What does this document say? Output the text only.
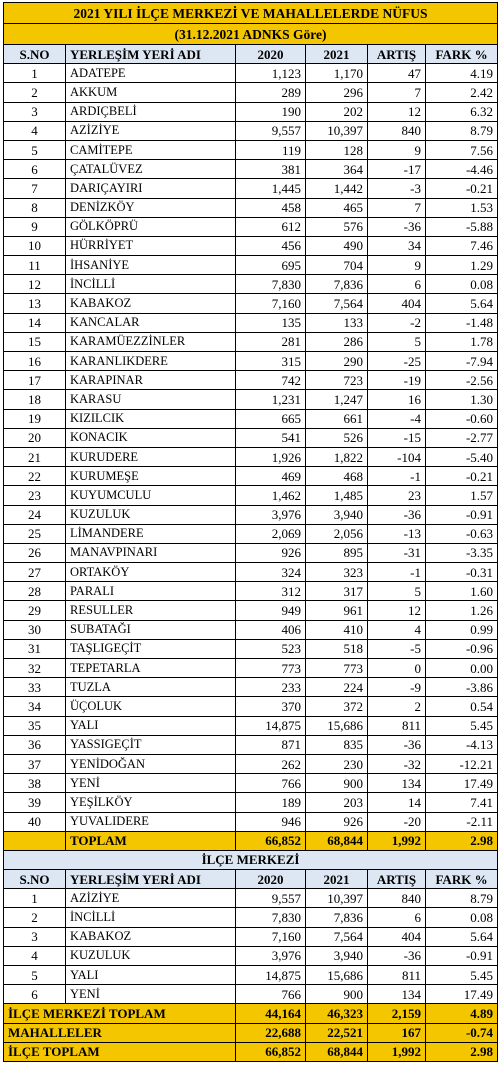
2021 YILI İLÇE MERKEZİ VE MAHALLELERDE NÜFUS					
(31.12.2021 ADNKS Göre)					
S.NO	YERLEŞİM YERİ ADI	2020	2021	ARTIŞ	FARK %
1	ADATEPE	1,123	1,170	47	4.19
2	AKKUM	289	296	7	2.42
3	ARDIÇBELİ	190	202	12	6.32
4	AZİZİYE	9,557	10,397	840	8.79
5	CAMİTEPE	119	128	9	7.56
6	ÇATALÜVEZ	381	364	-17	-4.46
7	DARIÇAYIRI	1,445	1,442	-3	-0.21
8	DENİZKÖY	458	465	7	1.53
9	GÖLKÖPRÜ	612	576	-36	-5.88
10	HÜRRİYET	456	490	34	7.46
11	İHSANİYE	695	704	9	1.29
12	İNCİLLİ	7,830	7,836	6	0.08
13	KABAKOZ	7,160	7,564	404	5.64
14	KANCALAR	135	133	-2	-1.48
15	KARAMÜEZZİNLER	281	286	5	1.78
16	KARANLIKDERE	315	290	-25	-7.94
17	KARAPINAR	742	723	-19	-2.56
18	KARASU	1,231	1,247	16	1.30
19	KIZILCIK	665	661	-4	-0.60
20	KONACIK	541	526	-15	-2.77
21	KURUDERE	1,926	1,822	-104	-5.40
22	KURUMEŞE	469	468	-1	-0.21
23	KUYUMCULU	1,462	1,485	23	1.57
24	KUZULUK	3,976	3,940	-36	-0.91
25	LİMANDERE	2,069	2,056	-13	-0.63
26	MANAVPINARI	926	895	-31	-3.35
27	ORTAKÖY	324	323	-1	-0.31
28	PARALI	312	317	5	1.60
29	RESULLER	949	961	12	1.26
30	SUBATAĞI	406	410	4	0.99
31	TAŞLIGEÇİT	523	518	-5	-0.96
32	TEPETARLA	773	773	0	0.00
33	TUZLA	233	224	-9	-3.86
34	ÜÇOLUK	370	372	2	0.54
35	YALI	14,875	15,686	811	5.45
36	YASSIGEÇİT	871	835	-36	-4.13
37	YENİDOĞAN	262	230	-32	-12.21
38	YENİ	766	900	134	17.49
39	YEŞİLKÖY	189	203	14	7.41
40	YUVALIDERE	946	926	-20	-2.11
	TOPLAM	66,852	68,844	1,992	2.98
İLÇE MERKEZİ					
S.NO	YERLEŞİM YERİ ADI	2020	2021	ARTIŞ	FARK %
1	AZİZİYE	9,557	10,397	840	8.79
2	İNCİLLİ	7,830	7,836	6	0.08
3	KABAKOZ	7,160	7,564	404	5.64
4	KUZULUK	3,976	3,940	-36	-0.91
5	YALI	14,875	15,686	811	5.45
6	YENİ	766	900	134	17.49
İLÇE MERKEZİ TOPLAM		44,164	46,323	2,159	4.89
MAHALLELER		22,688	22,521	167	-0.74
İLÇE TOPLAM		66,852	68,844	1,992	2.98
